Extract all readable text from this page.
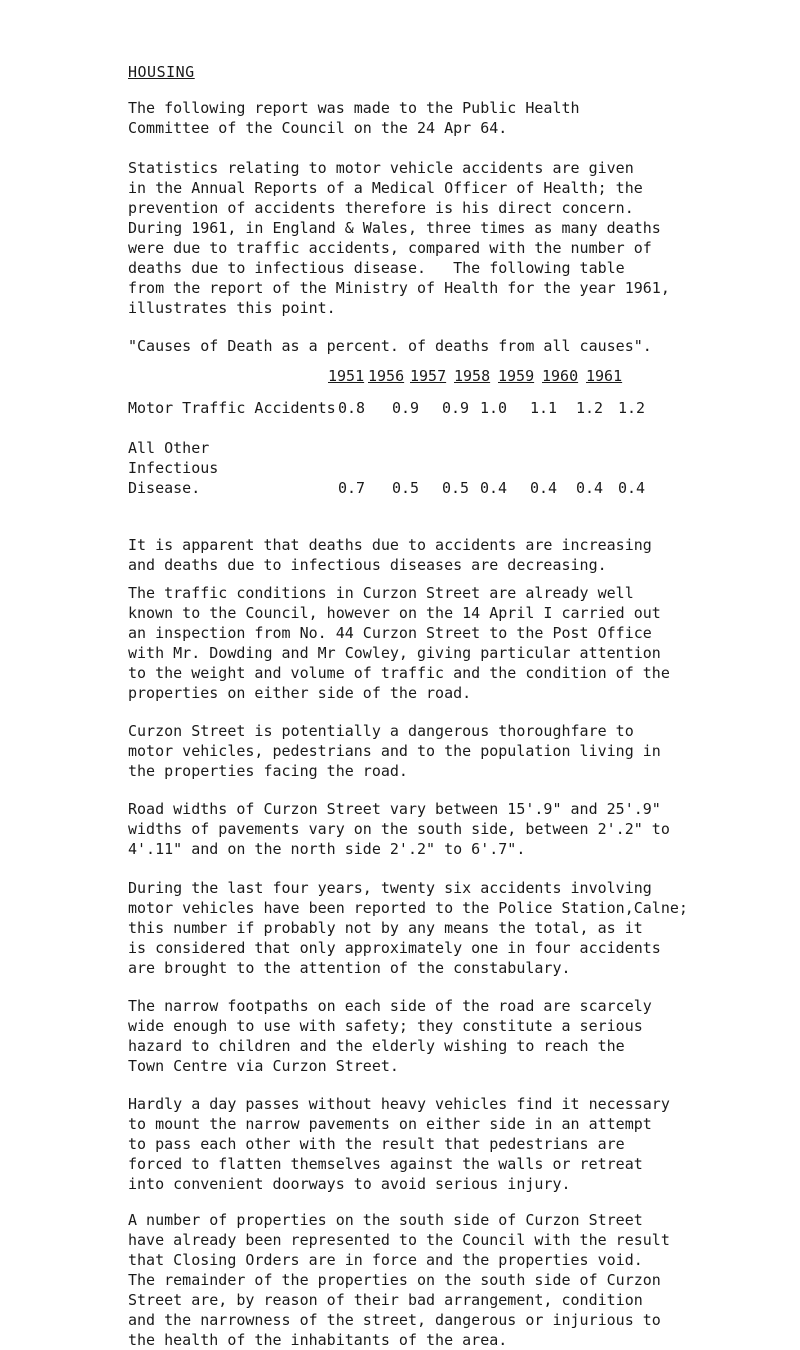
HOUSING
The following report was made to the Public Health
Committee of the Council on the 24 Apr 64.
Statistics relating to motor vehicle accidents are given
in the Annual Reports of a Medical Officer of Health; the
prevention of accidents therefore is his direct concern.
During 1961, in England & Wales, three times as many deaths
were due to traffic accidents, compared with the number of
deaths due to infectious disease.   The following table
from the report of the Ministry of Health for the year 1961,
illustrates this point.
"Causes of Death as a percent. of deaths from all causes".
1951 1956 1957 1958 1959 1960 1961
Motor Traffic Accidents 0.8 0.9 0.9 1.0 1.1 1.2 1.2
All Other
Infectious
Disease.	0.7 0.5 0.5 0.4 0.4 0.4 0.4
It is apparent that deaths due to accidents are increasing
and deaths due to infectious diseases are decreasing.
The traffic conditions in Curzon Street are already well
known to the Council, however on the 14 April I carried out
an inspection from No. 44 Curzon Street to the Post Office
with Mr. Dowding and Mr Cowley, giving particular attention
to the weight and volume of traffic and the condition of the
properties on either side of the road.
Curzon Street is potentially a dangerous thoroughfare to
motor vehicles, pedestrians and to the population living in
the properties facing the road.
Road widths of Curzon Street vary between 15'.9" and 25'.9"
widths of pavements vary on the south side, between 2'.2" to
4'.11" and on the north side 2'.2" to 6'.7".
During the last four years, twenty six accidents involving
motor vehicles have been reported to the Police Station,Calne;
this number if probably not by any means the total, as it
is considered that only approximately one in four accidents
are brought to the attention of the constabulary.
The narrow footpaths on each side of the road are scarcely
wide enough to use with safety; they constitute a serious
hazard to children and the elderly wishing to reach the
Town Centre via Curzon Street.
Hardly a day passes without heavy vehicles find it necessary
to mount the narrow pavements on either side in an attempt
to pass each other with the result that pedestrians are
forced to flatten themselves against the walls or retreat
into convenient doorways to avoid serious injury.
A number of properties on the south side of Curzon Street
have already been represented to the Council with the result
that Closing Orders are in force and the properties void.
The remainder of the properties on the south side of Curzon
Street are, by reason of their bad arrangement, condition
and the narrowness of the street, dangerous or injurious to
the health of the inhabitants of the area.
